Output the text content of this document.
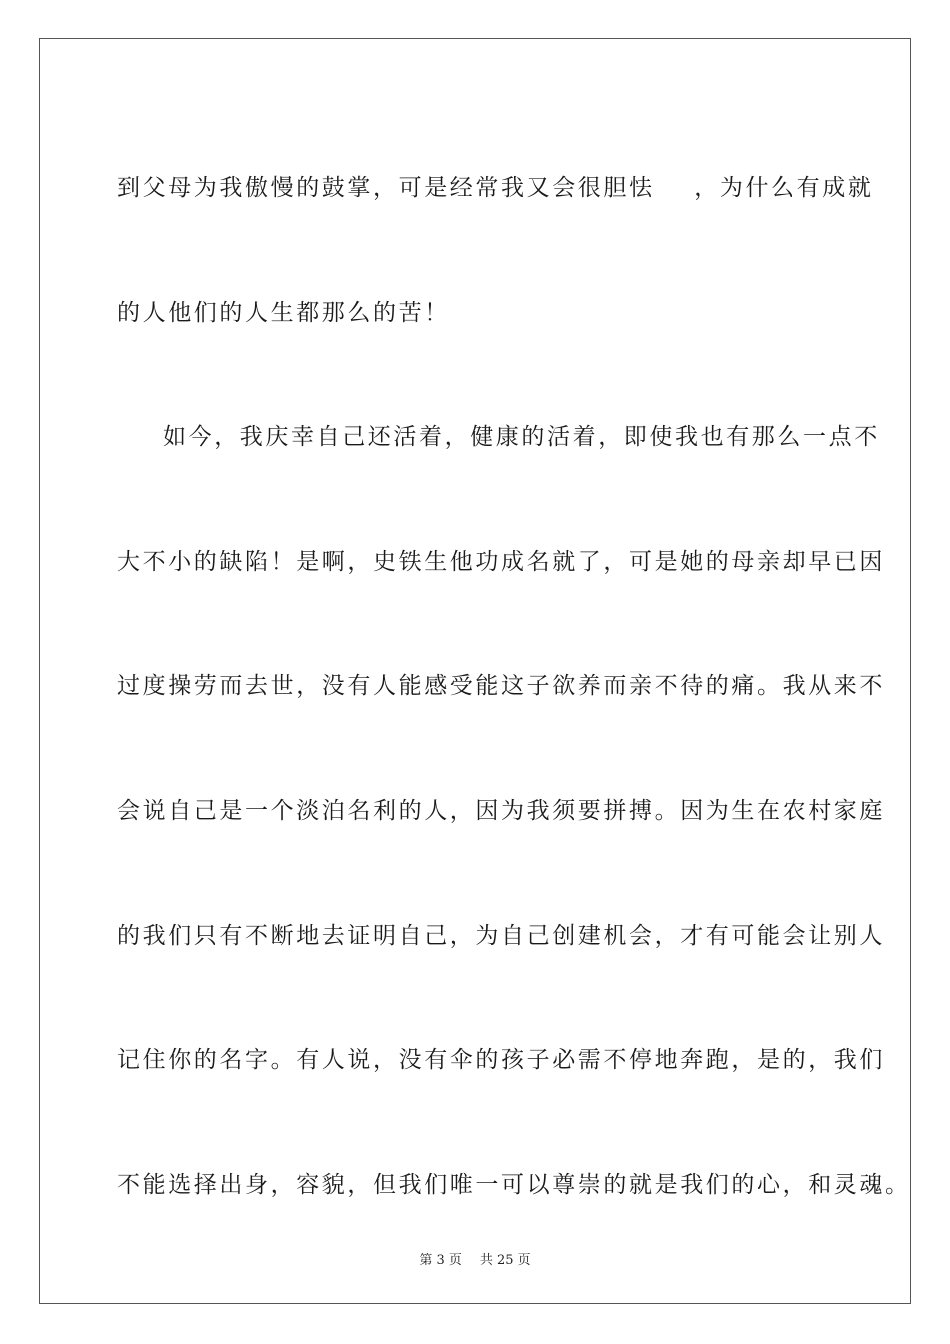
到父母为我傲慢的鼓掌，可是经常我又会很胆怯    ，为什么有成就
的人他们的人生都那么的苦！
如今，我庆幸自己还活着，健康的活着，即使我也有那么一点不
大不小的缺陷！是啊，史铁生他功成名就了，可是她的母亲却早已因
过度操劳而去世，没有人能感受能这子欲养而亲不待的痛。我从来不
会说自己是一个淡泊名利的人，因为我须要拼搏。因为生在农村家庭
的我们只有不断地去证明自己，为自己创建机会，才有可能会让别人
记住你的名字。有人说，没有伞的孩子必需不停地奔跑，是的，我们
不能选择出身，容貌，但我们唯一可以尊崇的就是我们的心，和灵魂。
第 3 页 共 25 页
